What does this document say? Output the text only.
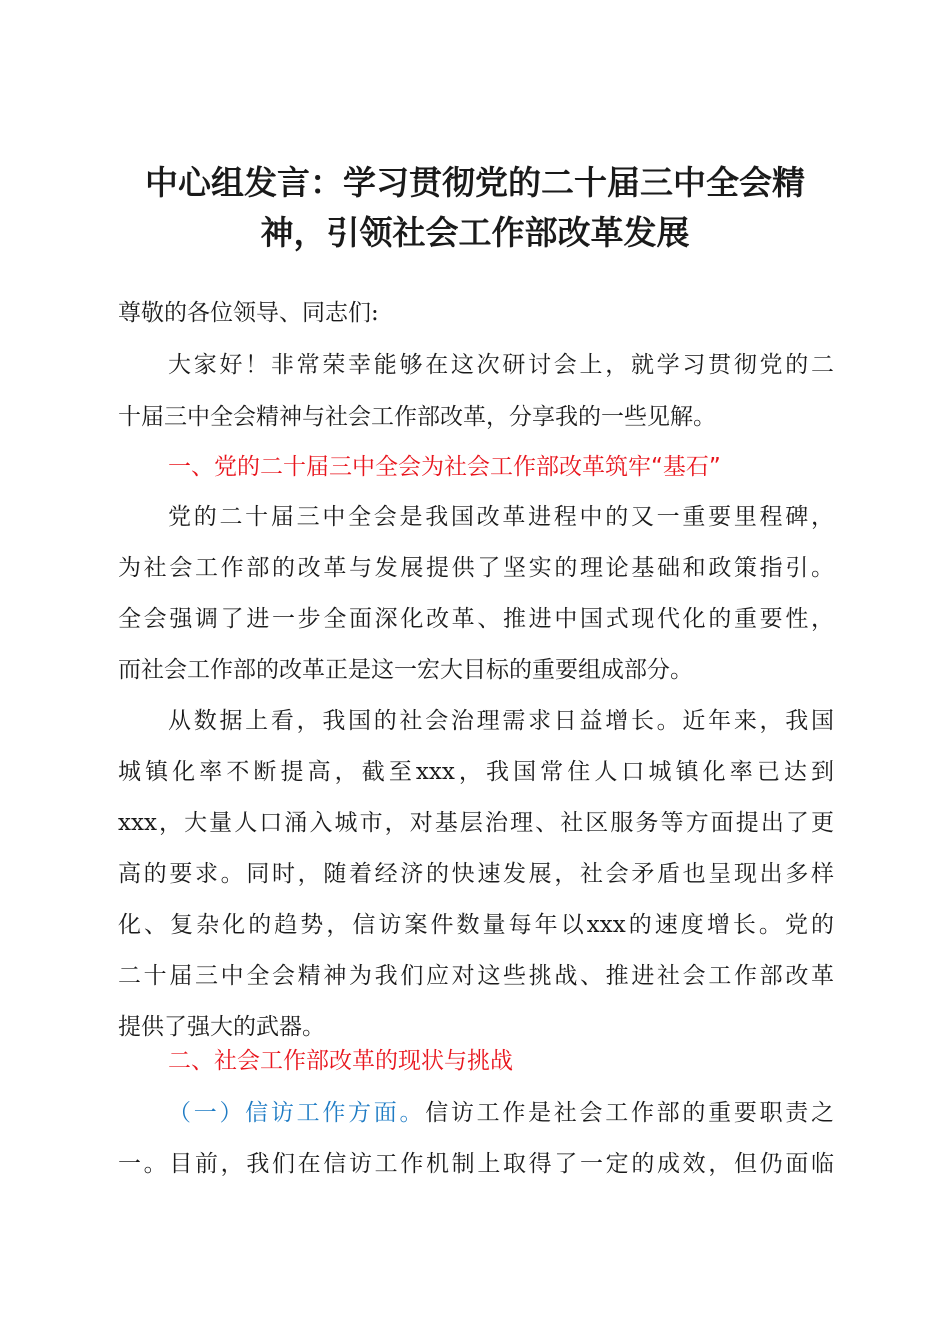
中心组发言：学习贯彻党的二十届三中全会精
神，引领社会工作部改革发展
尊敬的各位领导、同志们:
大家好！非常荣幸能够在这次研讨会上，就学习贯彻党的二
十届三中全会精神与社会工作部改革，分享我的一些见解。
一、党的二十届三中全会为社会工作部改革筑牢“基石”
党的二十届三中全会是我国改革进程中的又一重要里程碑，
为社会工作部的改革与发展提供了坚实的理论基础和政策指引。
全会强调了进一步全面深化改革、推进中国式现代化的重要性，
而社会工作部的改革正是这一宏大目标的重要组成部分。
从数据上看，我国的社会治理需求日益增长。近年来，我国
城镇化率不断提高，截至xxx，我国常住人口城镇化率已达到
xxx，大量人口涌入城市，对基层治理、社区服务等方面提出了更
高的要求。同时，随着经济的快速发展，社会矛盾也呈现出多样
化、复杂化的趋势，信访案件数量每年以xxx的速度增长。党的
二十届三中全会精神为我们应对这些挑战、推进社会工作部改革
提供了强大的武器。
二、社会工作部改革的现状与挑战
（一）信访工作方面。信访工作是社会工作部的重要职责之
一。目前，我们在信访工作机制上取得了一定的成效，但仍面临
